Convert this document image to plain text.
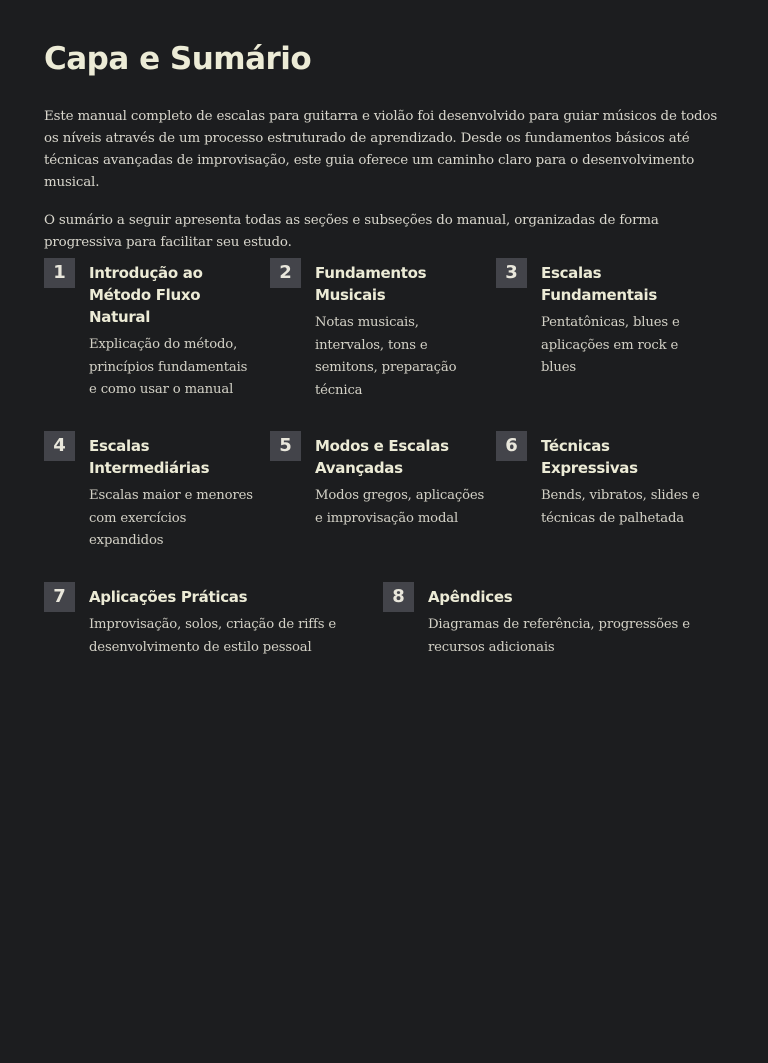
Capa e Sumário

Este manual completo de escalas para guitarra e violão foi desenvolvido para guiar músicos de todos os níveis através de um processo estruturado de aprendizado. Desde os fundamentos básicos até técnicas avançadas de improvisação, este guia oferece um caminho claro para o desenvolvimento musical.

O sumário a seguir apresenta todas as seções e subseções do manual, organizadas de forma progressiva para facilitar seu estudo.

1	Introdução ao Método Fluxo Natural
Explicação do método, princípios fundamentais e como usar o manual
2	Fundamentos Musicais
Notas musicais, intervalos, tons e semitons, preparação técnica
3	Escalas Fundamentais
Pentatônicas, blues e aplicações em rock e blues
4	Escalas Intermediárias
Escalas maior e menores com exercícios expandidos
5	Modos e Escalas Avançadas
Modos gregos, aplicações e improvisação modal
6	Técnicas Expressivas
Bends, vibratos, slides e técnicas de palhetada
7	Aplicações Práticas
Improvisação, solos, criação de riffs e desenvolvimento de estilo pessoal
8	Apêndices
Diagramas de referência, progressões e recursos adicionais
